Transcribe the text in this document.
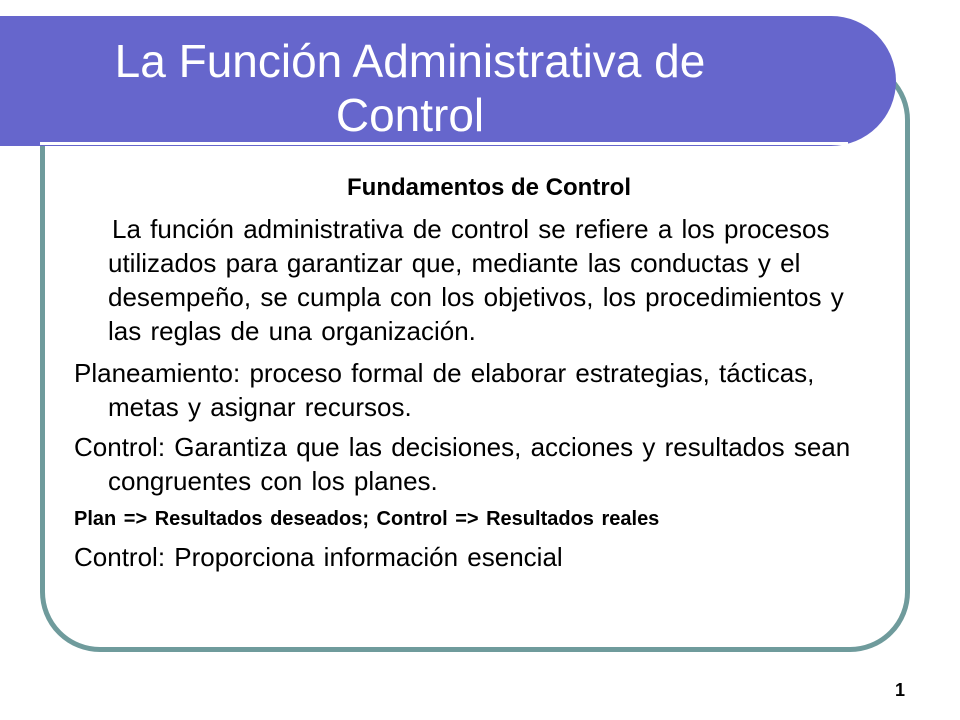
La Función Administrativa de
Control

Fundamentos de Control

La función administrativa de control se refiere a los procesos utilizados para garantizar que, mediante las conductas y el desempeño, se cumpla con los objetivos, los procedimientos y las reglas de una organización.

Planeamiento: proceso formal de elaborar estrategias, tácticas, metas y asignar recursos.

Control: Garantiza que las decisiones, acciones y resultados sean congruentes con los planes.

Plan => Resultados deseados; Control => Resultados reales

Control: Proporciona información esencial

1
